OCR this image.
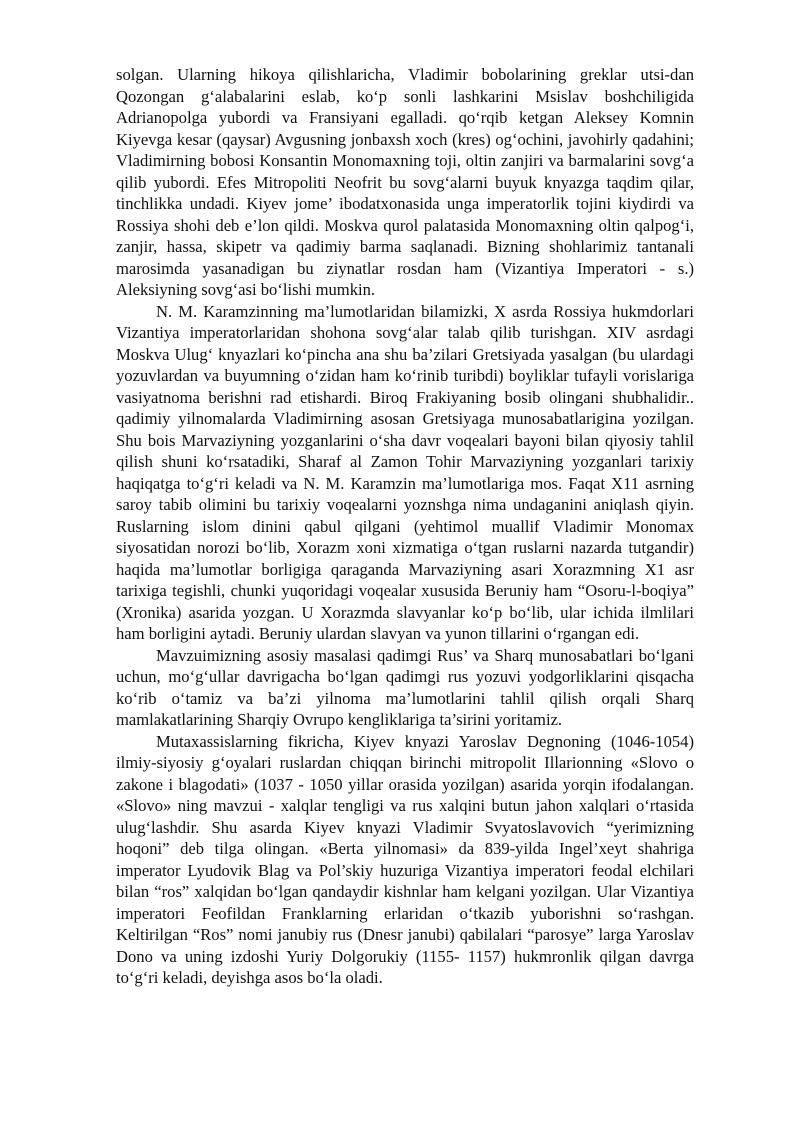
solgan. Ularning hikoya qilishlaricha, Vladimir bobolarining greklar utsi-dan Qozongan g‘alabalarini eslab, ko‘p sonli lashkarini Msislav boshchiligida Adrianopolga yubordi va Fransiyani egalladi. qo‘rqib ketgan Aleksey Komnin Kiyevga kesar (qaysar) Avgusning jonbaxsh xoch (kres) og‘ochini, javohirly qadahini; Vladimirning bobosi Konsantin Monomaxning toji, oltin zanjiri va barmalarini sovg‘a qilib yubordi. Efes Mitropoliti Neofrit bu sovg‘alarni buyuk knyazga taqdim qilar, tinchlikka undadi. Kiyev jome’ ibodatxonasida unga imperatorlik tojini kiydirdi va Rossiya shohi deb e’lon qildi. Moskva qurol palatasida Monomaxning oltin qalpog‘i, zanjir, hassa, skipetr va qadimiy barma saqlanadi. Bizning shohlarimiz tantanali marosimda yasanadigan bu ziynatlar rosdan ham (Vizantiya Imperatori - s.) Aleksiyning sovg‘asi bo‘lishi mumkin.

N. M. Karamzinning ma’lumotlaridan bilamizki, X asrda Rossiya hukmdorlari Vizantiya imperatorlaridan shohona sovg‘alar talab qilib turishgan. XIV asrdagi Moskva Ulug‘ knyazlari ko‘pincha ana shu ba’zilari Gretsiyada yasalgan (bu ulardagi yozuvlardan va buyumning o‘zidan ham ko‘rinib turibdi) boyliklar tufayli vorislariga vasiyatnoma berishni rad etishardi. Biroq Frakiyaning bosib olingani shubhalidir.. qadimiy yilnomalarda Vladimirning asosan Gretsiyaga munosabatlarigina yozilgan. Shu bois Marvaziyning yozganlarini o‘sha davr voqealari bayoni bilan qiyosiy tahlil qilish shuni ko‘rsatadiki, Sharaf al Zamon Tohir Marvaziyning yozganlari tarixiy haqiqatga to‘g‘ri keladi va N. M. Karamzin ma’lumotlariga mos. Faqat X11 asrning saroy tabib olimini bu tarixiy voqealarni yoznshga nima undaganini aniqlash qiyin. Ruslarning islom dinini qabul qilgani (yehtimol muallif Vladimir Monomax siyosatidan norozi bo‘lib, Xorazm xoni xizmatiga o‘tgan ruslarni nazarda tutgandir) haqida ma’lumotlar borligiga qaraganda Marvaziyning asari Xorazmning X1 asr tarixiga tegishli, chunki yuqoridagi voqealar xususida Beruniy ham “Osoru-l-boqiya” (Xronika) asarida yozgan. U Xorazmda slavyanlar ko‘p bo‘lib, ular ichida ilmlilari ham borligini aytadi. Beruniy ulardan slavyan va yunon tillarini o‘rgangan edi.

Mavzuimizning asosiy masalasi qadimgi Rus’ va Sharq munosabatlari bo‘lgani uchun, mo‘g‘ullar davrigacha bo‘lgan qadimgi rus yozuvi yodgorliklarini qisqacha ko‘rib o‘tamiz va ba’zi yilnoma ma’lumotlarini tahlil qilish orqali Sharq mamlakatlarining Sharqiy Ovrupo kengliklariga ta’sirini yoritamiz.

Mutaxassislarning fikricha, Kiyev knyazi Yaroslav Degnoning (1046-1054) ilmiy-siyosiy g‘oyalari ruslardan chiqqan birinchi mitropolit Illarionning «Slovo o zakone i blagodati» (1037 - 1050 yillar orasida yozilgan) asarida yorqin ifodalangan. «Slovo» ning mavzui - xalqlar tengligi va rus xalqini butun jahon xalqlari o‘rtasida ulug‘lashdir. Shu asarda Kiyev knyazi Vladimir Svyatoslavovich “yerimizning hoqoni” deb tilga olingan. «Berta yilnomasi» da 839-yilda Ingel’xeyt shahriga imperator Lyudovik Blag va Pol’skiy huzuriga Vizantiya imperatori feodal elchilari bilan “ros” xalqidan bo‘lgan qandaydir kishnlar ham kelgani yozilgan. Ular Vizantiya imperatori Feofildan Franklarning erlaridan o‘tkazib yuborishni so‘rashgan. Keltirilgan “Ros” nomi janubiy rus (Dnesr janubi) qabilalari “parosye” larga Yaroslav Dono va uning izdoshi Yuriy Dolgorukiy (1155- 1157) hukmronlik qilgan davrga to‘g‘ri keladi, deyishga asos bo‘la oladi.
